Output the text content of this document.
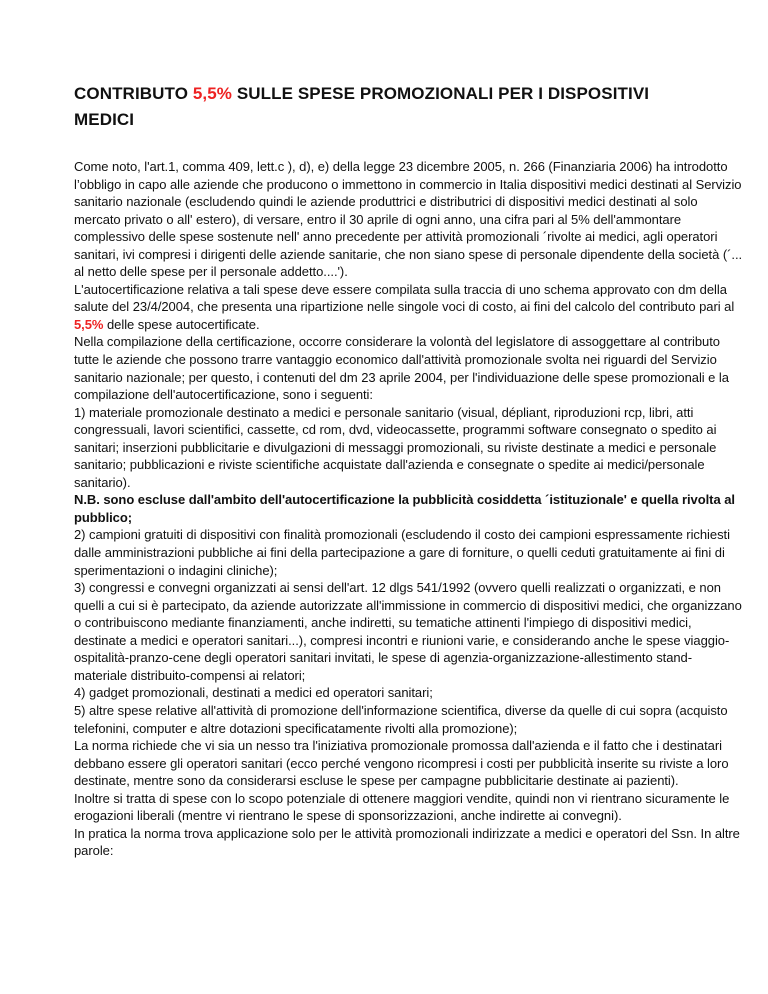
CONTRIBUTO 5,5% SULLE SPESE PROMOZIONALI PER I DISPOSITIVI MEDICI

Come noto, l'art.1, comma 409, lett.c ), d), e) della legge 23 dicembre 2005, n. 266 (Finanziaria 2006) ha introdotto l’obbligo in capo alle aziende che producono o immettono in commercio in Italia dispositivi medici destinati al Servizio sanitario nazionale (escludendo quindi le aziende produttrici e distributrici di dispositivi medici destinati al solo mercato privato o all' estero), di versare, entro il 30 aprile di ogni anno, una cifra pari al 5% dell'ammontare complessivo delle spese sostenute nell' anno precedente per attività promozionali ´rivolte ai medici, agli operatori sanitari, ivi compresi i dirigenti delle aziende sanitarie, che non siano spese di personale dipendente della società (´... al netto delle spese per il personale addetto....').

L'autocertificazione relativa a tali spese deve essere compilata sulla traccia di uno schema approvato con dm della salute del 23/4/2004, che presenta una ripartizione nelle singole voci di costo, ai fini del calcolo del contributo pari al 5,5% delle spese autocertificate.

Nella compilazione della certificazione, occorre considerare la volontà del legislatore di assoggettare al contributo tutte le aziende che possono trarre vantaggio economico dall'attività promozionale svolta nei riguardi del Servizio sanitario nazionale; per questo, i contenuti del dm 23 aprile 2004, per l'individuazione delle spese promozionali e la compilazione dell'autocertificazione, sono i seguenti:

1) materiale promozionale destinato a medici e personale sanitario (visual, dépliant, riproduzioni rcp, libri, atti congressuali, lavori scientifici, cassette, cd rom, dvd, videocassette, programmi software consegnato o spedito ai sanitari; inserzioni pubblicitarie e divulgazioni di messaggi promozionali, su riviste destinate a medici e personale sanitario; pubblicazioni e riviste scientifiche acquistate dall'azienda e consegnate o spedite ai medici/personale sanitario).

N.B. sono escluse dall'ambito dell'autocertificazione la pubblicità cosiddetta ´istituzionale' e quella rivolta al pubblico;

2) campioni gratuiti di dispositivi con finalità promozionali (escludendo il costo dei campioni espressamente richiesti dalle amministrazioni pubbliche ai fini della partecipazione a gare di forniture, o quelli ceduti gratuitamente ai fini di sperimentazioni o indagini cliniche);

3) congressi e convegni organizzati ai sensi dell'art. 12 dlgs 541/1992 (ovvero quelli realizzati o organizzati, e non quelli a cui si è partecipato, da aziende autorizzate all'immissione in commercio di dispositivi medici, che organizzano o contribuiscono mediante finanziamenti, anche indiretti, su tematiche attinenti l'impiego di dispositivi medici, destinate a medici e operatori sanitari...), compresi incontri e riunioni varie, e considerando anche le spese viaggio-ospitalità-pranzo-cene degli operatori sanitari invitati, le spese di agenzia-organizzazione-allestimento stand-materiale distribuito-compensi ai relatori;

4) gadget promozionali, destinati a medici ed operatori sanitari;

5) altre spese relative all'attività di promozione dell'informazione scientifica, diverse da quelle di cui sopra (acquisto telefonini, computer e altre dotazioni specificatamente rivolti alla promozione);

La norma richiede che vi sia un nesso tra l'iniziativa promozionale promossa dall'azienda e il fatto che i destinatari debbano essere gli operatori sanitari (ecco perché vengono ricompresi i costi per pubblicità inserite su riviste a loro destinate, mentre sono da considerarsi escluse le spese per campagne pubblicitarie destinate ai pazienti).

Inoltre si tratta di spese con lo scopo potenziale di ottenere maggiori vendite, quindi non vi rientrano sicuramente le erogazioni liberali (mentre vi rientrano le spese di sponsorizzazioni, anche indirette ai convegni).

In pratica la norma trova applicazione solo per le attività promozionali indirizzate a medici e operatori del Ssn. In altre parole:
